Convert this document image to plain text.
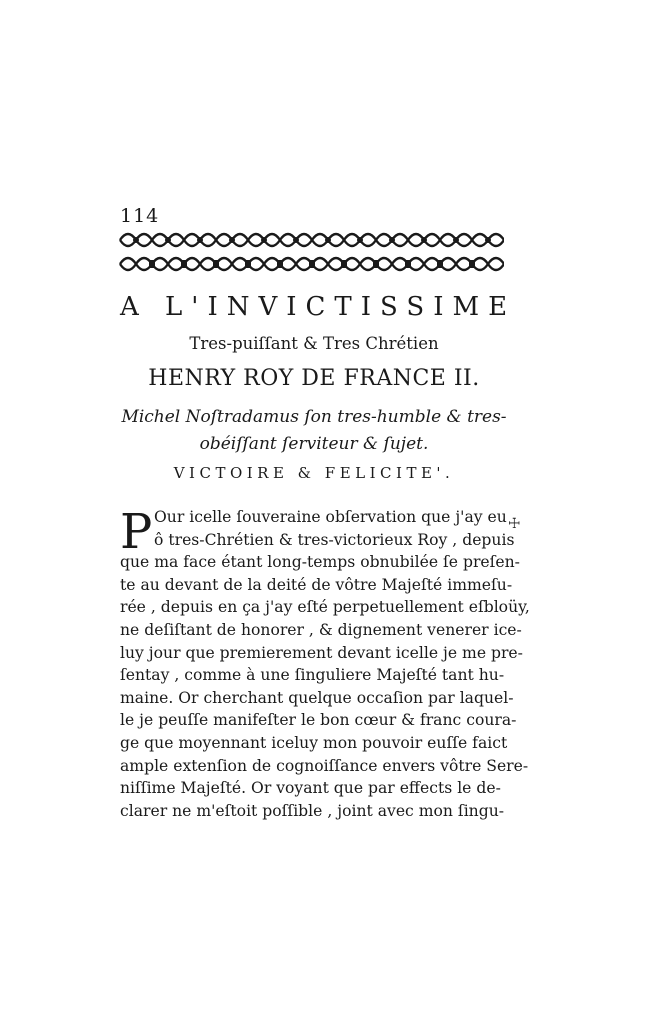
114
A L'INVICTISSIME
Tres-puiſſant & Tres Chrétien
HENRY ROY DE FRANCE II.
Michel Noſtradamus ſon tres-humble & tres-
obéiſſant ſerviteur & ſujet.
VICTOIRE & FELICITE'.
☩
P Our icelle ſouveraine obſervation que j'ay eu
ô tres-Chrétien & tres-victorieux Roy , depuis
que ma face étant long-temps obnubilée ſe preſen-
te au devant de la deité de vôtre Majeſté immeſu-
rée , depuis en ça j'ay eſté perpetuellement eſbloüy,
ne deſiſtant de honorer , & dignement venerer ice-
luy jour que premierement devant icelle je me pre-
ſentay , comme à une ſinguliere Majeſté tant hu-
maine. Or cherchant quelque occaſion par laquel-
le je peuſſe manifeſter le bon cœur & franc coura-
ge que moyennant iceluy mon pouvoir euſſe faict
ample extenſion de cognoiſſance envers vôtre Sere-
niſſime Majeſté. Or voyant que par effects le de-
clarer ne m'eſtoit poſſible , joint avec mon ſingu-
